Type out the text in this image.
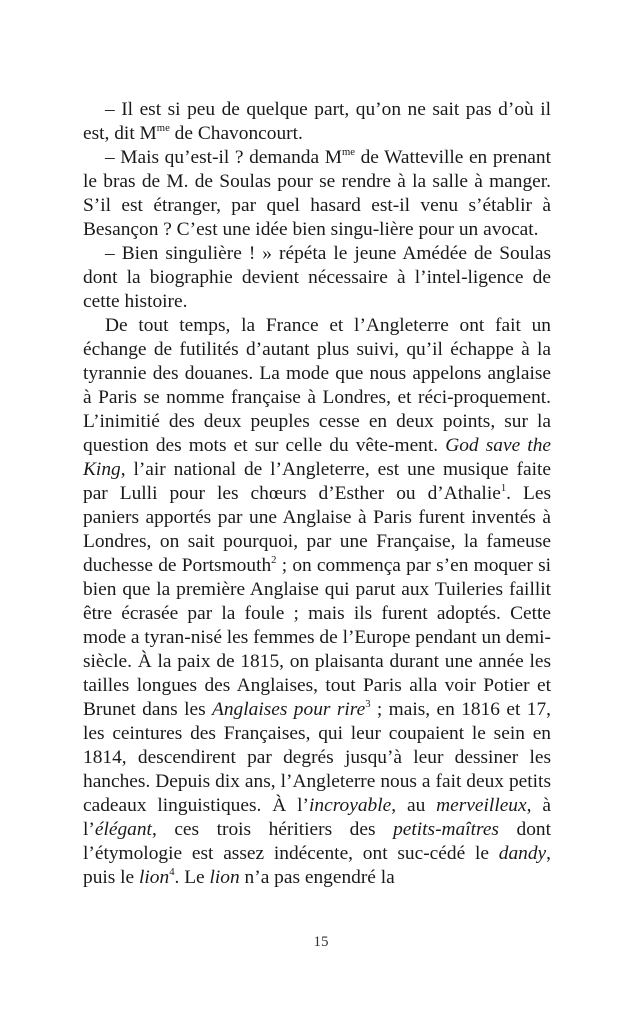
– Il est si peu de quelque part, qu’on ne sait pas d’où il est, dit $M^{me}$ de Chavoncourt.

– Mais qu’est-il ? demanda $M^{me}$ de Watteville en prenant le bras de M. de Soulas pour se rendre à la salle à manger. S’il est étranger, par quel hasard est-il venu s’établir à Besançon ? C’est une idée bien singu-lière pour un avocat.

– Bien singulière ! » répéta le jeune Amédée de Soulas dont la biographie devient nécessaire à l’intel-ligence de cette histoire.

De tout temps, la France et l’Angleterre ont fait un échange de futilités d’autant plus suivi, qu’il échappe à la tyrannie des douanes. La mode que nous appelons anglaise à Paris se nomme française à Londres, et réci-proquement. L’inimitié des deux peuples cesse en deux points, sur la question des mots et sur celle du vête-ment. God save the King, l’air national de l’Angleterre, est une musique faite par Lulli pour les chœurs d’Esther ou d’Athalie$^1$. Les paniers apportés par une Anglaise à Paris furent inventés à Londres, on sait pourquoi, par une Française, la fameuse duchesse de Portsmouth$^2$ ; on commença par s’en moquer si bien que la première Anglaise qui parut aux Tuileries faillit être écrasée par la foule ; mais ils furent adoptés. Cette mode a tyran-nisé les femmes de l’Europe pendant un demi-siècle. À la paix de 1815, on plaisanta durant une année les tailles longues des Anglaises, tout Paris alla voir Potier et Brunet dans les Anglaises pour rire$^3$ ; mais, en 1816 et 17, les ceintures des Françaises, qui leur coupaient le sein en 1814, descendirent par degrés jusqu’à leur dessiner les hanches. Depuis dix ans, l’Angleterre nous a fait deux petits cadeaux linguistiques. À l’incroyable, au merveilleux, à l’élégant, ces trois héritiers des petits-maîtres dont l’étymologie est assez indécente, ont suc-cédé le dandy, puis le lion$^4$. Le lion n’a pas engendré la

15
